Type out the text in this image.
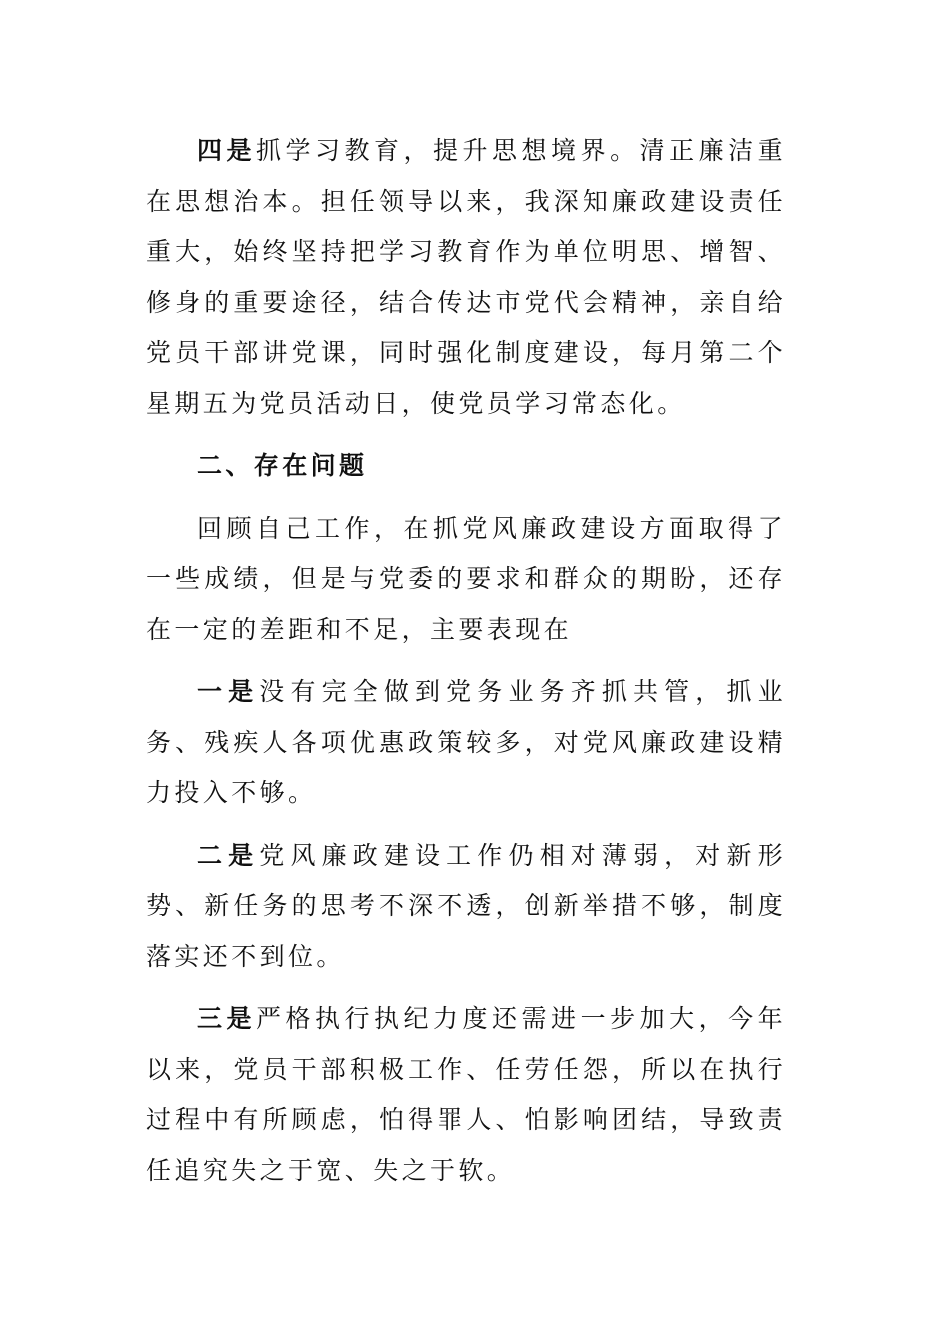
四是抓学习教育，提升思想境界。清正廉洁重在思想治本。担任领导以来，我深知廉政建设责任重大，始终坚持把学习教育作为单位明思、增智、修身的重要途径，结合传达市党代会精神，亲自给党员干部讲党课，同时强化制度建设，每月第二个星期五为党员活动日，使党员学习常态化。

二、存在问题

回顾自己工作，在抓党风廉政建设方面取得了一些成绩，但是与党委的要求和群众的期盼，还存在一定的差距和不足，主要表现在

一是没有完全做到党务业务齐抓共管，抓业务、残疾人各项优惠政策较多，对党风廉政建设精力投入不够。

二是党风廉政建设工作仍相对薄弱，对新形势、新任务的思考不深不透，创新举措不够，制度落实还不到位。

三是严格执行执纪力度还需进一步加大，今年以来，党员干部积极工作、任劳任怨，所以在执行过程中有所顾虑，怕得罪人、怕影响团结，导致责任追究失之于宽、失之于软。
